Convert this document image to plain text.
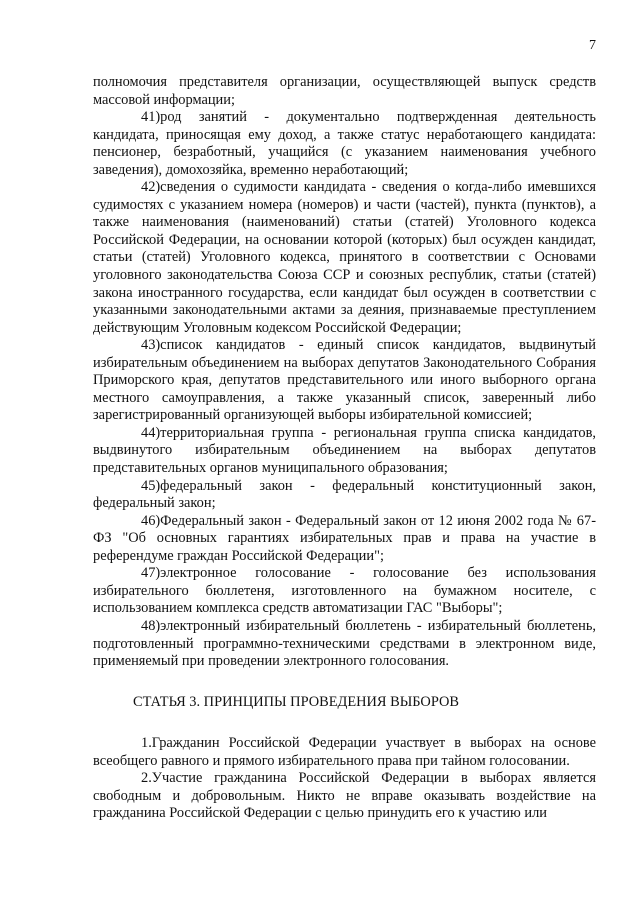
7

полномочия представителя организации, осуществляющей выпуск средств массовой информации;

41)род занятий - документально подтвержденная деятельность кандидата, приносящая ему доход, а также статус неработающего кандидата: пенсионер, безработный, учащийся (с указанием наименования учебного заведения), домохозяйка, временно неработающий;

42)сведения о судимости кандидата - сведения о когда-либо имевшихся судимостях с указанием номера (номеров) и части (частей), пункта (пунктов), а также наименования (наименований) статьи (статей) Уголовного кодекса Российской Федерации, на основании которой (которых) был осужден кандидат, статьи (статей) Уголовного кодекса, принятого в соответствии с Основами уголовного законодательства Союза ССР и союзных республик, статьи (статей) закона иностранного государства, если кандидат был осужден в соответствии с указанными законодательными актами за деяния, признаваемые преступлением действующим Уголовным кодексом Российской Федерации;

43)список кандидатов - единый список кандидатов, выдвинутый избирательным объединением на выборах депутатов Законодательного Собрания Приморского края, депутатов представительного или иного выборного органа местного самоуправления, а также указанный список, заверенный либо зарегистрированный организующей выборы избирательной комиссией;

44)территориальная группа - региональная группа списка кандидатов, выдвинутого избирательным объединением на выборах депутатов представительных органов муниципального образования;

45)федеральный закон - федеральный конституционный закон, федеральный закон;

46)Федеральный закон - Федеральный закон от 12 июня 2002 года № 67-ФЗ "Об основных гарантиях избирательных прав и права на участие в референдуме граждан Российской Федерации";

47)электронное голосование - голосование без использования избирательного бюллетеня, изготовленного на бумажном носителе, с использованием комплекса средств автоматизации ГАС "Выборы";

48)электронный избирательный бюллетень - избирательный бюллетень, подготовленный программно-техническими средствами в электронном виде, применяемый при проведении электронного голосования.

СТАТЬЯ 3. ПРИНЦИПЫ ПРОВЕДЕНИЯ ВЫБОРОВ

1.Гражданин Российской Федерации участвует в выборах на основе всеобщего равного и прямого избирательного права при тайном голосовании.

2.Участие гражданина Российской Федерации в выборах является свободным и добровольным. Никто не вправе оказывать воздействие на гражданина Российской Федерации с целью принудить его к участию или
